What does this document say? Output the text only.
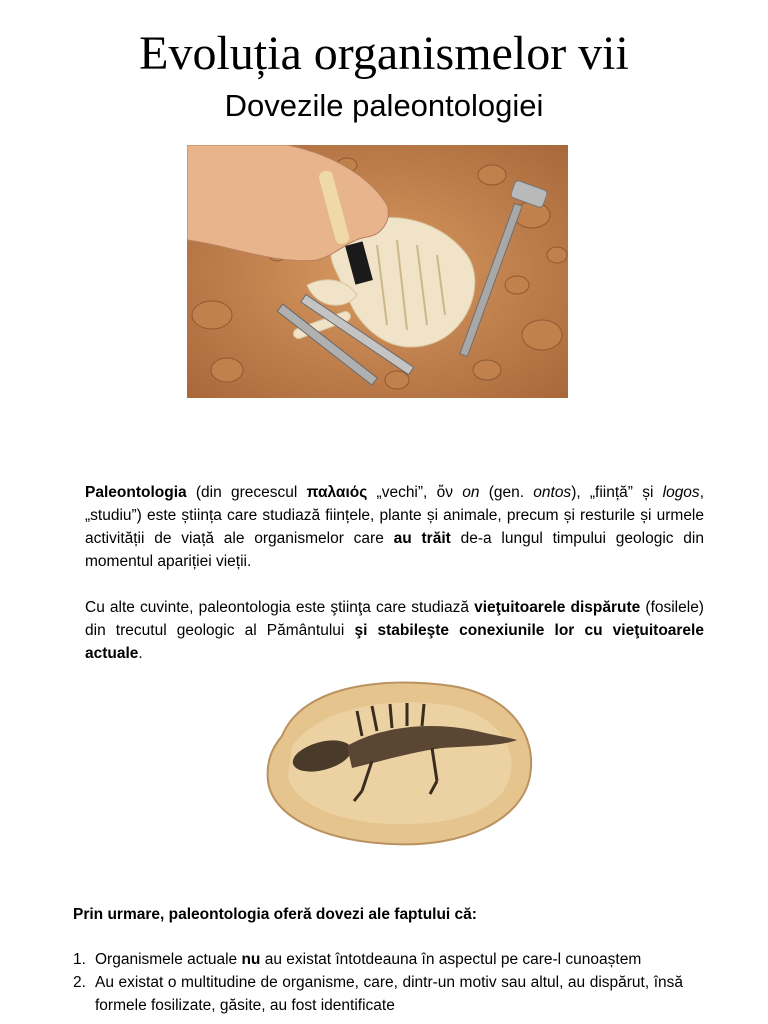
Evoluția organismelor vii
Dovezile paleontologiei

Paleontologia (din grecescul παλαιός „vechi”, ὄν on (gen. ontos), „ființă” și logos, „studiu”) este știința care studiază ființele, plante și animale, precum și resturile și urmele activității de viață ale organismelor care au trăit de-a lungul timpului geologic din momentul apariției vieții.

Cu alte cuvinte, paleontologia este ştiinţa care studiază vieţuitoarele dispărute (fosilele) din trecutul geologic al Pământului şi stabileşte conexiunile lor cu vieţuitoarele actuale.

Prin urmare, paleontologia oferă dovezi ale faptului că:
1. Organismele actuale nu au existat întotdeauna în aspectul pe care-l cunoaștem
2. Au existat o multitudine de organisme, care, dintr-un motiv sau altul, au dispărut, însă formele fosilizate, găsite, au fost identificate
